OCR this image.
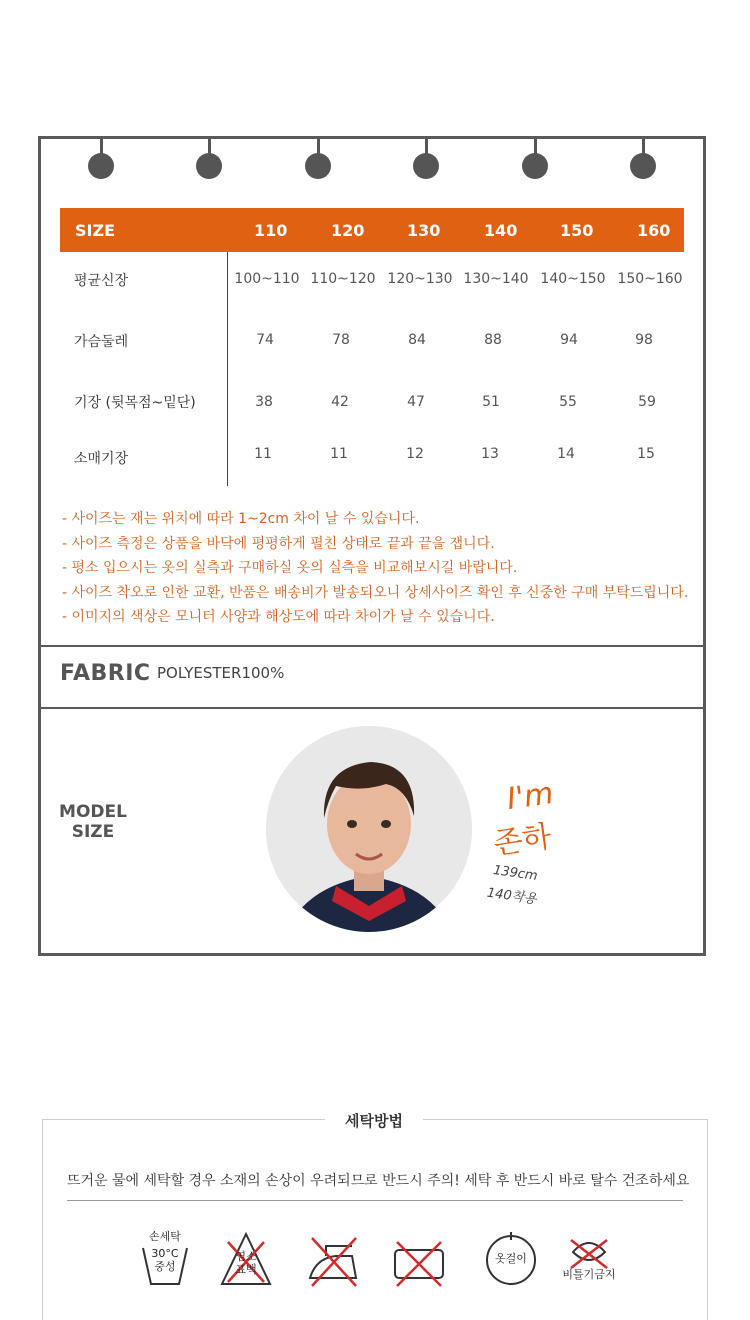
SIZE	110	120	130	140	150	160
평균신장	100~110 110~120 120~130 130~140 140~150 150~160
가슴둘레	74	78	84	88	94	98
기장 (뒷목점~밑단)	38	42	47	51	55	59
소매기장	11	11	12	13	14	15
- 사이즈는 재는 위치에 따라 1~2cm 차이 날 수 있습니다.
- 사이즈 측정은 상품을 바닥에 평평하게 펼친 상태로 끝과 끝을 잽니다.
- 평소 입으시는 옷의 실측과 구매하실 옷의 실측을 비교해보시길 바랍니다.
- 사이즈 착오로 인한 교환, 반품은 배송비가 발송되오니 상세사이즈 확인 후 신중한 구매 부탁드립니다.
- 이미지의 색상은 모니터 사양과 해상도에 따라 차이가 날 수 있습니다.
FABRIC POLYESTER100%
MODEL
SIZE
I'm
존하
139cm
140착용
세탁방법
뜨거운 물에 세탁할 경우 소재의 손상이 우려되므로 반드시 주의! 세탁 후 반드시 바로 탈수 건조하세요
손세탁
30°C
중성
염소
표백
옷걸이
비틀기금지
